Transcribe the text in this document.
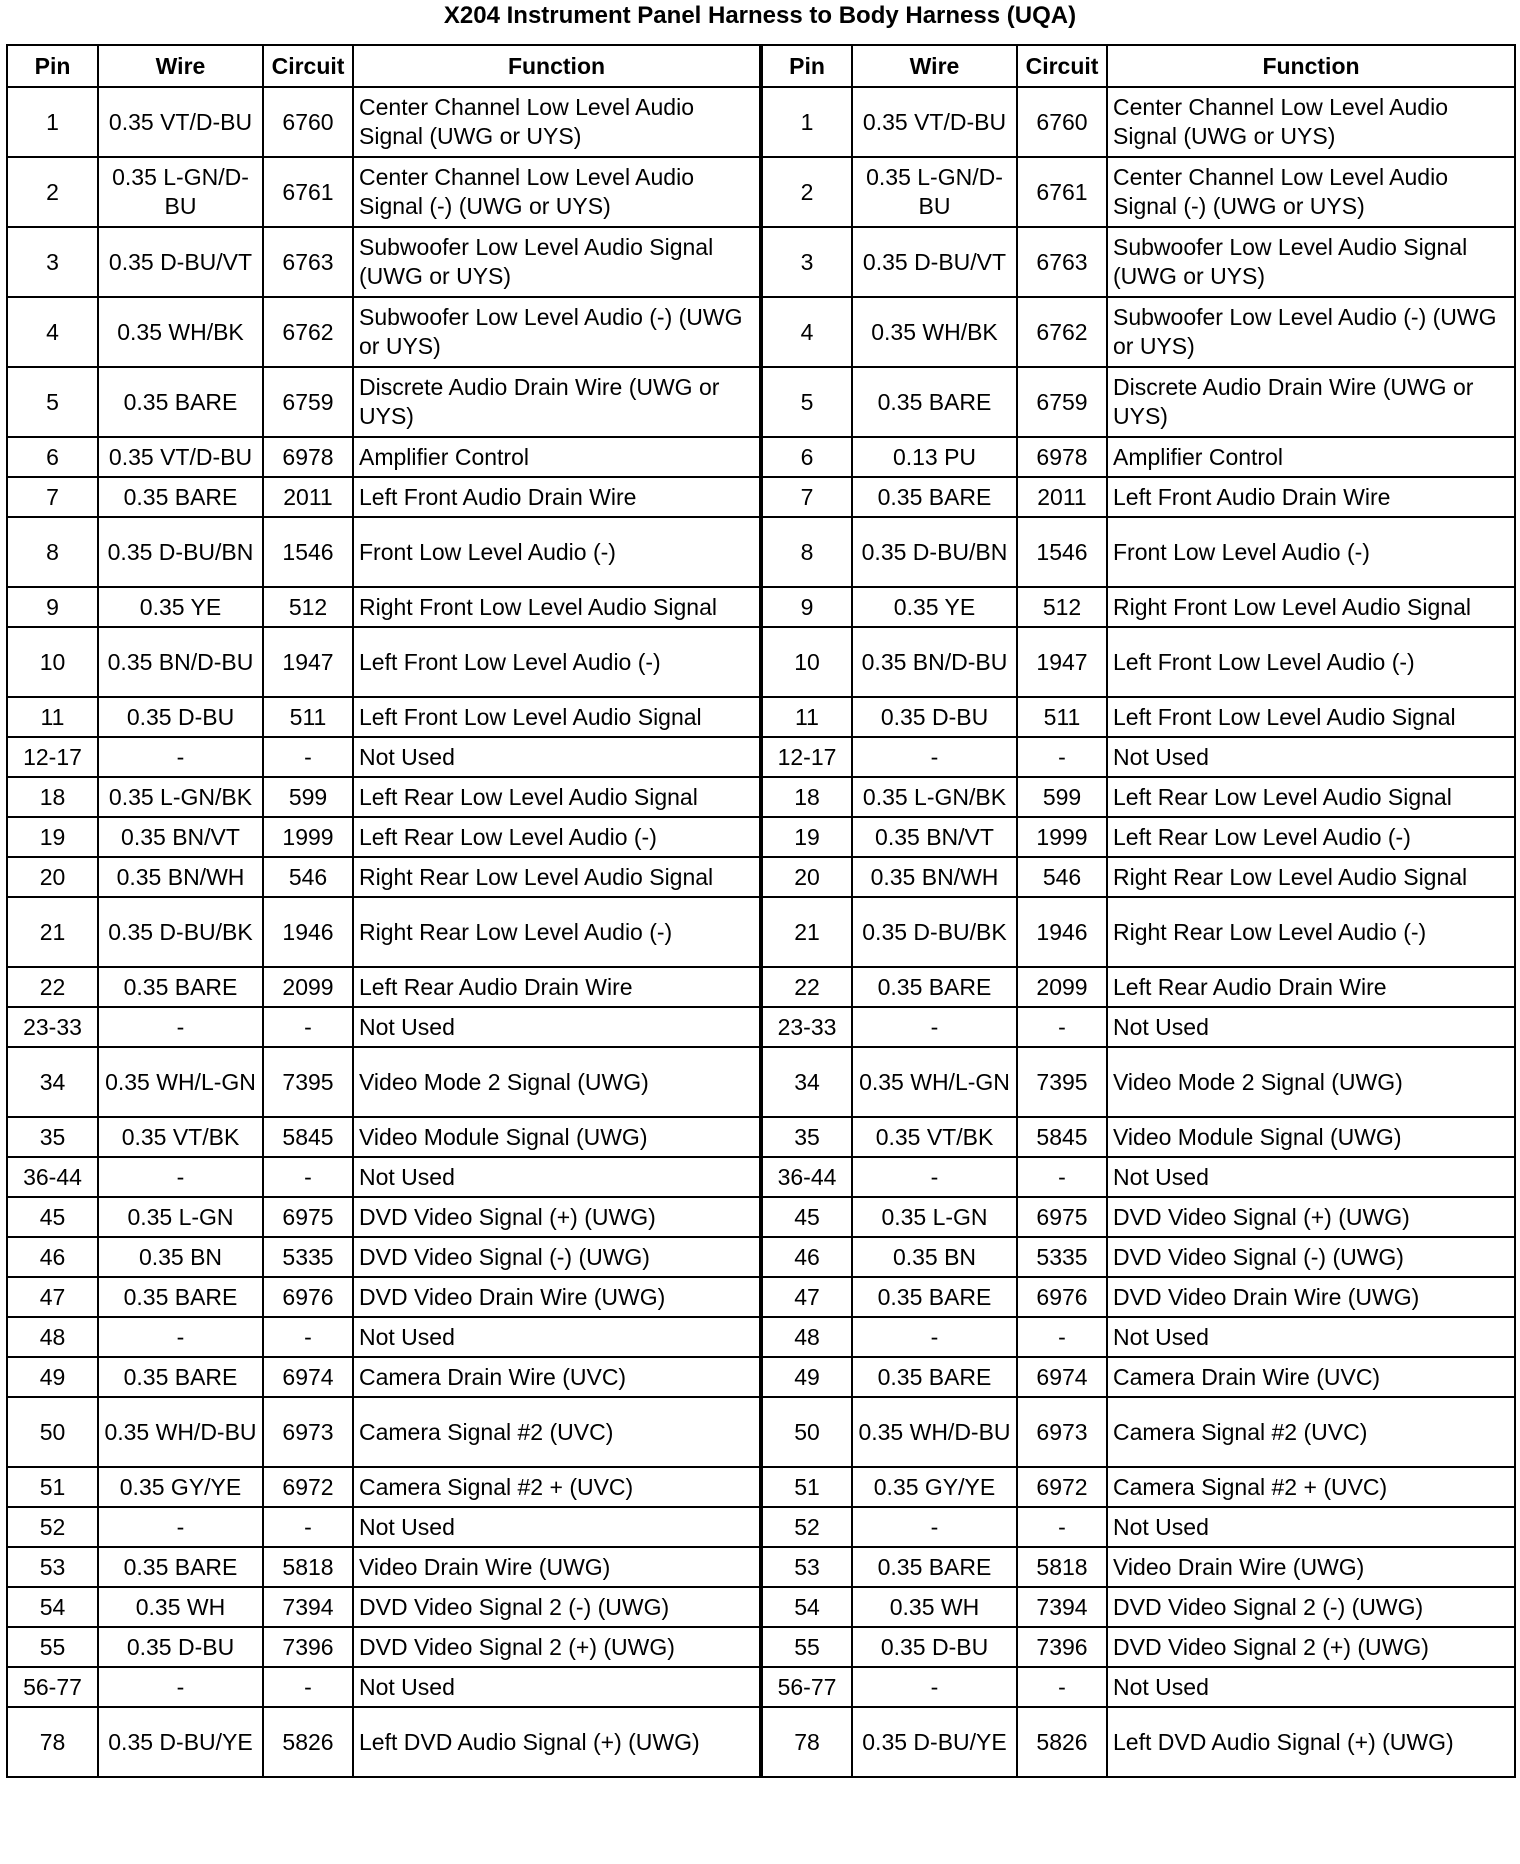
X204 Instrument Panel Harness to Body Harness (UQA)
Pin	Wire	Circuit	Function	Pin	Wire	Circuit	Function
1	0.35 VT/D-BU	6760	Center Channel Low Level Audio Signal (UWG or UYS)	1	0.35 VT/D-BU	6760	Center Channel Low Level Audio Signal (UWG or UYS)
2	0.35 L-GN/D-BU	6761	Center Channel Low Level Audio Signal (-) (UWG or UYS)	2	0.35 L-GN/D-BU	6761	Center Channel Low Level Audio Signal (-) (UWG or UYS)
3	0.35 D-BU/VT	6763	Subwoofer Low Level Audio Signal (UWG or UYS)	3	0.35 D-BU/VT	6763	Subwoofer Low Level Audio Signal (UWG or UYS)
4	0.35 WH/BK	6762	Subwoofer Low Level Audio (-) (UWG or UYS)	4	0.35 WH/BK	6762	Subwoofer Low Level Audio (-) (UWG or UYS)
5	0.35 BARE	6759	Discrete Audio Drain Wire (UWG or UYS)	5	0.35 BARE	6759	Discrete Audio Drain Wire (UWG or UYS)
6	0.35 VT/D-BU	6978	Amplifier Control	6	0.13 PU	6978	Amplifier Control
7	0.35 BARE	2011	Left Front Audio Drain Wire	7	0.35 BARE	2011	Left Front Audio Drain Wire
8	0.35 D-BU/BN	1546	Front Low Level Audio (-)	8	0.35 D-BU/BN	1546	Front Low Level Audio (-)
9	0.35 YE	512	Right Front Low Level Audio Signal	9	0.35 YE	512	Right Front Low Level Audio Signal
10	0.35 BN/D-BU	1947	Left Front Low Level Audio (-)	10	0.35 BN/D-BU	1947	Left Front Low Level Audio (-)
11	0.35 D-BU	511	Left Front Low Level Audio Signal	11	0.35 D-BU	511	Left Front Low Level Audio Signal
12-17	-	-	Not Used	12-17	-	-	Not Used
18	0.35 L-GN/BK	599	Left Rear Low Level Audio Signal	18	0.35 L-GN/BK	599	Left Rear Low Level Audio Signal
19	0.35 BN/VT	1999	Left Rear Low Level Audio (-)	19	0.35 BN/VT	1999	Left Rear Low Level Audio (-)
20	0.35 BN/WH	546	Right Rear Low Level Audio Signal	20	0.35 BN/WH	546	Right Rear Low Level Audio Signal
21	0.35 D-BU/BK	1946	Right Rear Low Level Audio (-)	21	0.35 D-BU/BK	1946	Right Rear Low Level Audio (-)
22	0.35 BARE	2099	Left Rear Audio Drain Wire	22	0.35 BARE	2099	Left Rear Audio Drain Wire
23-33	-	-	Not Used	23-33	-	-	Not Used
34	0.35 WH/L-GN	7395	Video Mode 2 Signal (UWG)	34	0.35 WH/L-GN	7395	Video Mode 2 Signal (UWG)
35	0.35 VT/BK	5845	Video Module Signal (UWG)	35	0.35 VT/BK	5845	Video Module Signal (UWG)
36-44	-	-	Not Used	36-44	-	-	Not Used
45	0.35 L-GN	6975	DVD Video Signal (+) (UWG)	45	0.35 L-GN	6975	DVD Video Signal (+) (UWG)
46	0.35 BN	5335	DVD Video Signal (-) (UWG)	46	0.35 BN	5335	DVD Video Signal (-) (UWG)
47	0.35 BARE	6976	DVD Video Drain Wire (UWG)	47	0.35 BARE	6976	DVD Video Drain Wire (UWG)
48	-	-	Not Used	48	-	-	Not Used
49	0.35 BARE	6974	Camera Drain Wire (UVC)	49	0.35 BARE	6974	Camera Drain Wire (UVC)
50	0.35 WH/D-BU	6973	Camera Signal #2 (UVC)	50	0.35 WH/D-BU	6973	Camera Signal #2 (UVC)
51	0.35 GY/YE	6972	Camera Signal #2 + (UVC)	51	0.35 GY/YE	6972	Camera Signal #2 + (UVC)
52	-	-	Not Used	52	-	-	Not Used
53	0.35 BARE	5818	Video Drain Wire (UWG)	53	0.35 BARE	5818	Video Drain Wire (UWG)
54	0.35 WH	7394	DVD Video Signal 2 (-) (UWG)	54	0.35 WH	7394	DVD Video Signal 2 (-) (UWG)
55	0.35 D-BU	7396	DVD Video Signal 2 (+) (UWG)	55	0.35 D-BU	7396	DVD Video Signal 2 (+) (UWG)
56-77	-	-	Not Used	56-77	-	-	Not Used
78	0.35 D-BU/YE	5826	Left DVD Audio Signal (+) (UWG)	78	0.35 D-BU/YE	5826	Left DVD Audio Signal (+) (UWG)
